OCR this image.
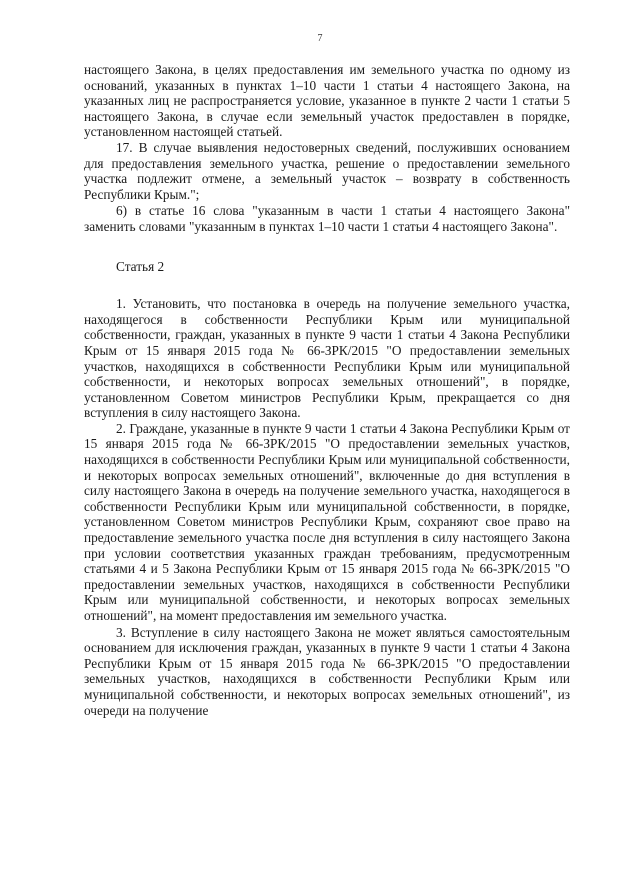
7

настоящего Закона, в целях предоставления им земельного участка по одному из оснований, указанных в пунктах 1–10 части 1 статьи 4 настоящего Закона, на указанных лиц не распространяется условие, указанное в пункте 2 части 1 статьи 5 настоящего Закона, в случае если земельный участок предоставлен в порядке, установленном настоящей статьей.

17. В случае выявления недостоверных сведений, послуживших основанием для предоставления земельного участка, решение о предоставлении земельного участка подлежит отмене, а земельный участок – возврату в собственность Республики Крым.";

6) в статье 16 слова "указанным в части 1 статьи 4 настоящего Закона" заменить словами "указанным в пунктах 1–10 части 1 статьи 4 настоящего Закона".

Статья 2

1. Установить, что постановка в очередь на получение земельного участка, находящегося в собственности Республики Крым или муниципальной собственности, граждан, указанных в пункте 9 части 1 статьи 4 Закона Республики Крым от 15 января 2015 года № 66-ЗРК/2015 "О предоставлении земельных участков, находящихся в собственности Республики Крым или муниципальной собственности, и некоторых вопросах земельных отношений", в порядке, установленном Советом министров Республики Крым, прекращается со дня вступления в силу настоящего Закона.

2. Граждане, указанные в пункте 9 части 1 статьи 4 Закона Республики Крым от 15 января 2015 года № 66-ЗРК/2015 "О предоставлении земельных участков, находящихся в собственности Республики Крым или муниципальной собственности, и некоторых вопросах земельных отношений", включенные до дня вступления в силу настоящего Закона в очередь на получение земельного участка, находящегося в собственности Республики Крым или муниципальной собственности, в порядке, установленном Советом министров Республики Крым, сохраняют свое право на предоставление земельного участка после дня вступления в силу настоящего Закона при условии соответствия указанных граждан требованиям, предусмотренным статьями 4 и 5 Закона Республики Крым от 15 января 2015 года № 66-ЗРК/2015 "О предоставлении земельных участков, находящихся в собственности Республики Крым или муниципальной собственности, и некоторых вопросах земельных отношений", на момент предоставления им земельного участка.

3. Вступление в силу настоящего Закона не может являться самостоятельным основанием для исключения граждан, указанных в пункте 9 части 1 статьи 4 Закона Республики Крым от 15 января 2015 года № 66-ЗРК/2015 "О предоставлении земельных участков, находящихся в собственности Республики Крым или муниципальной собственности, и некоторых вопросах земельных отношений", из очереди на получение
